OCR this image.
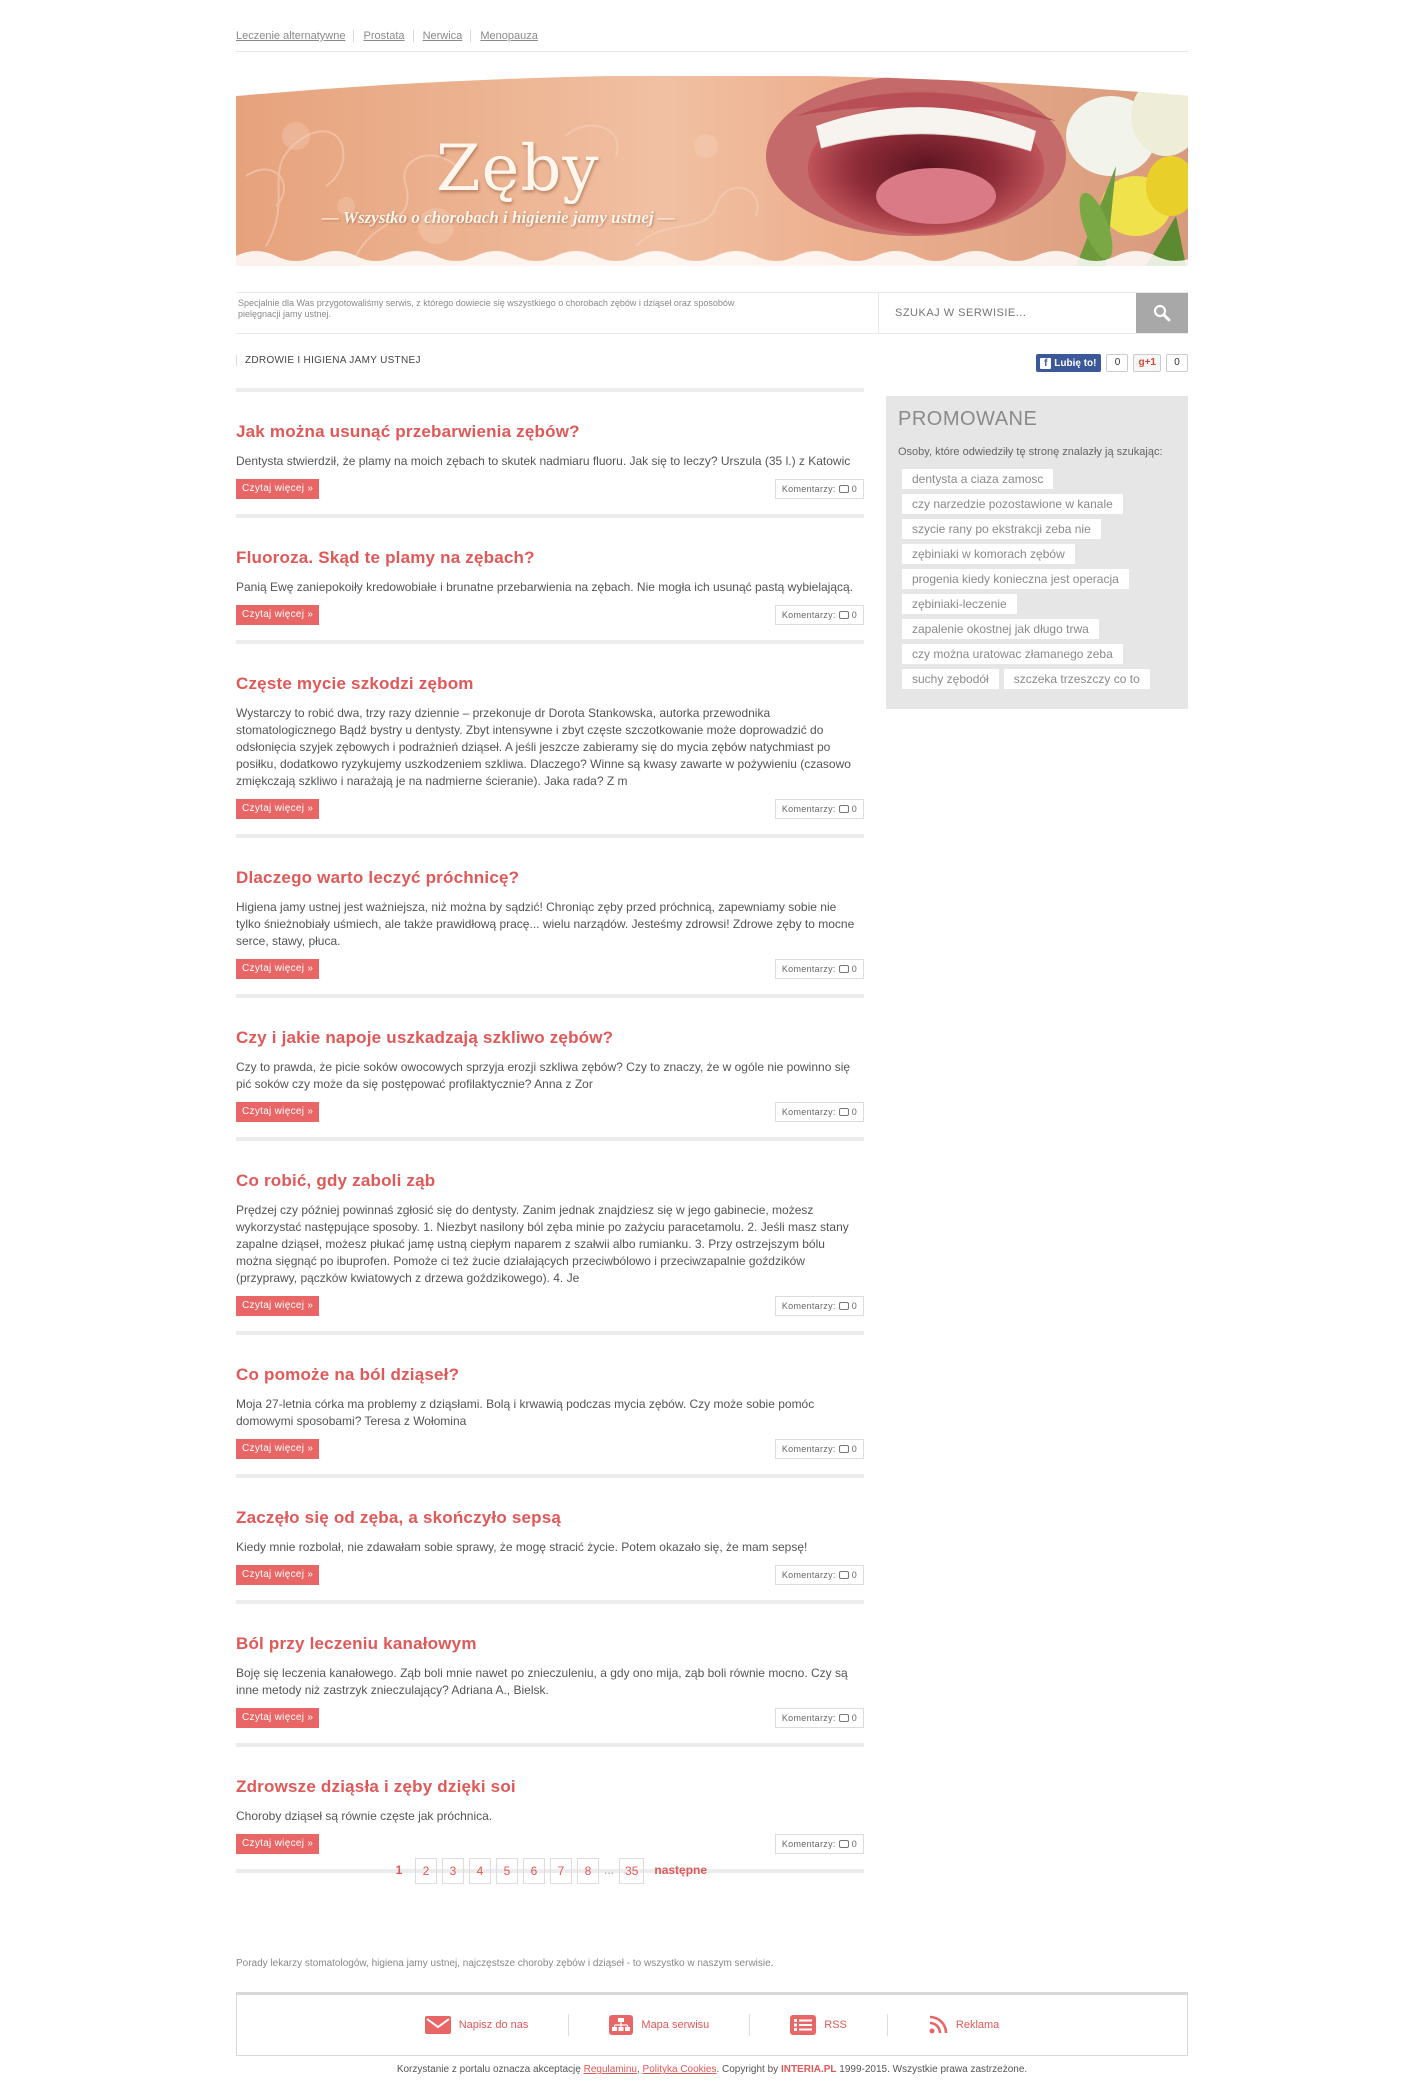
Leczenie alternatywne Prostata Nerwica Menopauza
Zęby
— Wszystko o chorobach i higienie jamy ustnej —
Specjalnie dla Was przygotowaliśmy serwis, z którego dowiecie się wszystkiego o chorobach zębów i dziąseł oraz sposobów pielęgnacji jamy ustnej.
SZUKAJ W SERWISIE...
ZDROWIE I HIGIENA JAMY USTNEJ	f Lubię to!	0	g+1	0
Jak można usunąć przebarwienia zębów?

Dentysta stwierdził, że plamy na moich zębach to skutek nadmiaru fluoru. Jak się to leczy? Urszula (35 l.) z Katowic

Czytaj więcej »	Komentarzy: 0
Fluoroza. Skąd te plamy na zębach?

Panią Ewę zaniepokoiły kredowobiałe i brunatne przebarwienia na zębach. Nie mogła ich usunąć pastą wybielającą.

Czytaj więcej »	Komentarzy: 0
Częste mycie szkodzi zębom

Wystarczy to robić dwa, trzy razy dziennie – przekonuje dr Dorota Stankowska, autorka przewodnika stomatologicznego Bądź bystry u dentysty. Zbyt intensywne i zbyt częste szczotkowanie może doprowadzić do odsłonięcia szyjek zębowych i podrażnień dziąseł. A jeśli jeszcze zabieramy się do mycia zębów natychmiast po posiłku, dodatkowo ryzykujemy uszkodzeniem szkliwa. Dlaczego? Winne są kwasy zawarte w pożywieniu (czasowo zmiękczają szkliwo i narażają je na nadmierne ścieranie). Jaka rada? Z m

Czytaj więcej »	Komentarzy: 0
Dlaczego warto leczyć próchnicę?

Higiena jamy ustnej jest ważniejsza, niż można by sądzić! Chroniąc zęby przed próchnicą, zapewniamy sobie nie tylko śnieżnobiały uśmiech, ale także prawidłową pracę... wielu narządów. Jesteśmy zdrowsi! Zdrowe zęby to mocne serce, stawy, płuca.

Czytaj więcej »	Komentarzy: 0
Czy i jakie napoje uszkadzają szkliwo zębów?

Czy to prawda, że picie soków owocowych sprzyja erozji szkliwa zębów? Czy to znaczy, że w ogóle nie powinno się pić soków czy może da się postępować profilaktycznie? Anna z Zor

Czytaj więcej »	Komentarzy: 0
Co robić, gdy zaboli ząb

Prędzej czy później powinnaś zgłosić się do dentysty. Zanim jednak znajdziesz się w jego gabinecie, możesz wykorzystać następujące sposoby. 1. Niezbyt nasilony ból zęba minie po zażyciu paracetamolu. 2. Jeśli masz stany zapalne dziąseł, możesz płukać jamę ustną ciepłym naparem z szałwii albo rumianku. 3. Przy ostrzejszym bólu można sięgnąć po ibuprofen. Pomoże ci też żucie działających przeciwbólowo i przeciwzapalnie goździków (przyprawy, pączków kwiatowych z drzewa goździkowego). 4. Je

Czytaj więcej »	Komentarzy: 0
Co pomoże na ból dziąseł?

Moja 27-letnia córka ma problemy z dziąsłami. Bolą i krwawią podczas mycia zębów. Czy może sobie pomóc domowymi sposobami? Teresa z Wołomina

Czytaj więcej »	Komentarzy: 0
Zaczęło się od zęba, a skończyło sepsą

Kiedy mnie rozbolał, nie zdawałam sobie sprawy, że mogę stracić życie. Potem okazało się, że mam sepsę!

Czytaj więcej »	Komentarzy: 0
Ból przy leczeniu kanałowym

Boję się leczenia kanałowego. Ząb boli mnie nawet po znieczuleniu, a gdy ono mija, ząb boli równie mocno. Czy są inne metody niż zastrzyk znieczulający? Adriana A., Bielsk.

Czytaj więcej »	Komentarzy: 0
Zdrowsze dziąsła i zęby dzięki soi

Choroby dziąseł są równie częste jak próchnica.

Czytaj więcej »	Komentarzy: 0
1	2	3	4	5	6	7	8	... 35	następne
PROMOWANE
Osoby, które odwiedziły tę stronę znalazły ją szukając:
dentysta a ciaza zamosc
czy narzedzie pozostawione w kanale
szycie rany po ekstrakcji zeba nie
zębiniaki w komorach zębów
progenia kiedy konieczna jest operacja
zębiniaki-leczenie
zapalenie okostnej jak długo trwa
czy można uratowac złamanego zeba
suchy zębodół	szczeka trzeszczy co to
Porady lekarzy stomatologów, higiena jamy ustnej, najczęstsze choroby zębów i dziąseł - to wszystko w naszym serwisie.
Napisz do nas	Mapa serwisu	RSS	Reklama
Korzystanie z portalu oznacza akceptację Regulaminu, Polityka Cookies. Copyright by INTERIA.PL 1999-2015. Wszystkie prawa zastrzeżone.
